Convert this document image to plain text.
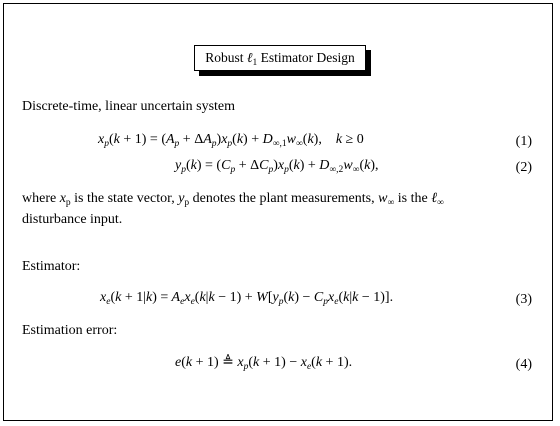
Robust ℓ$_1$ Estimator Design
Discrete-time, linear uncertain system
$x_p(k + 1) = (A_p + \Delta A_p)x_p(k) + D_{\infty,1}w_\infty(k)$,    k ≥ 0	(1)
$y_p(k) = (C_p + \Delta C_p)x_p(k) + D_{\infty,2}w_\infty(k)$,	(2)
where $x_p$ is the state vector, $y_p$ denotes the plant measurements, $w_\infty$ is the ℓ$_\infty$
disturbance input.
Estimator:
$x_e(k + 1|k) = A_ex_e(k|k - 1) + W[y_p(k) - C_px_e(k|k - 1)]$.	(3)
Estimation error:
e(k + 1) ≜ $x_p(k + 1) - x_e(k + 1)$.	(4)
